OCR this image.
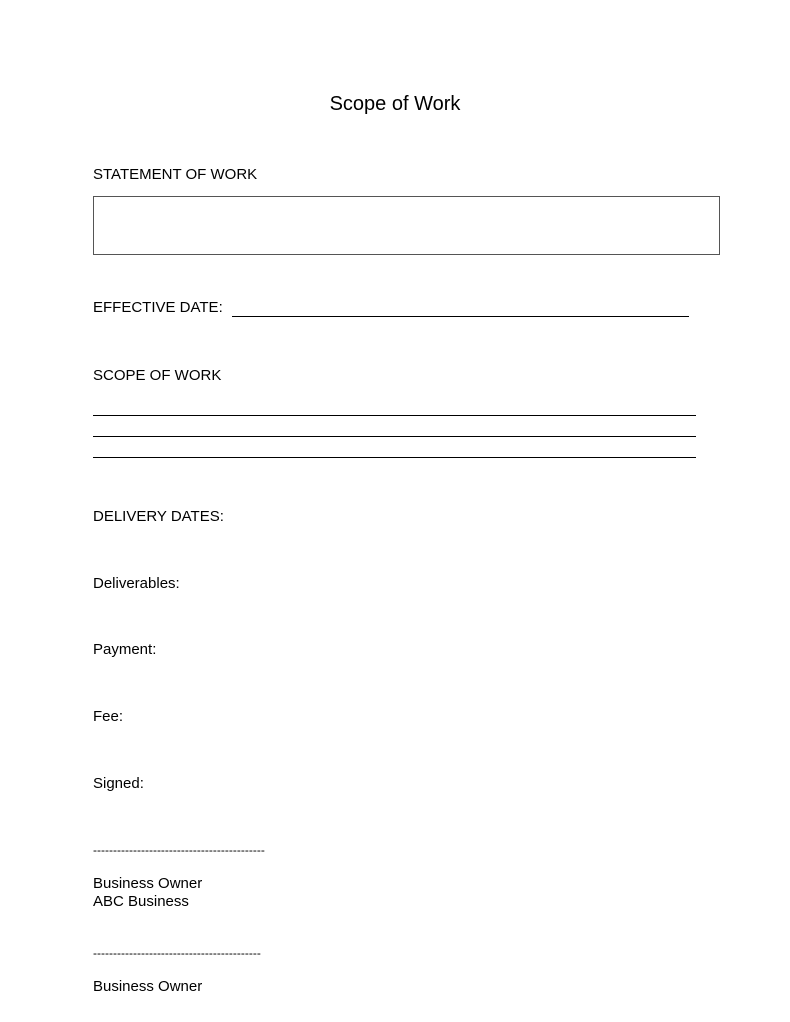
Scope of Work
STATEMENT OF WORK
EFFECTIVE DATE:
SCOPE OF WORK
DELIVERY DATES:
Deliverables:
Payment:
Fee:
Signed:
-------------------------------------------
Business Owner
ABC Business
------------------------------------------
Business Owner
